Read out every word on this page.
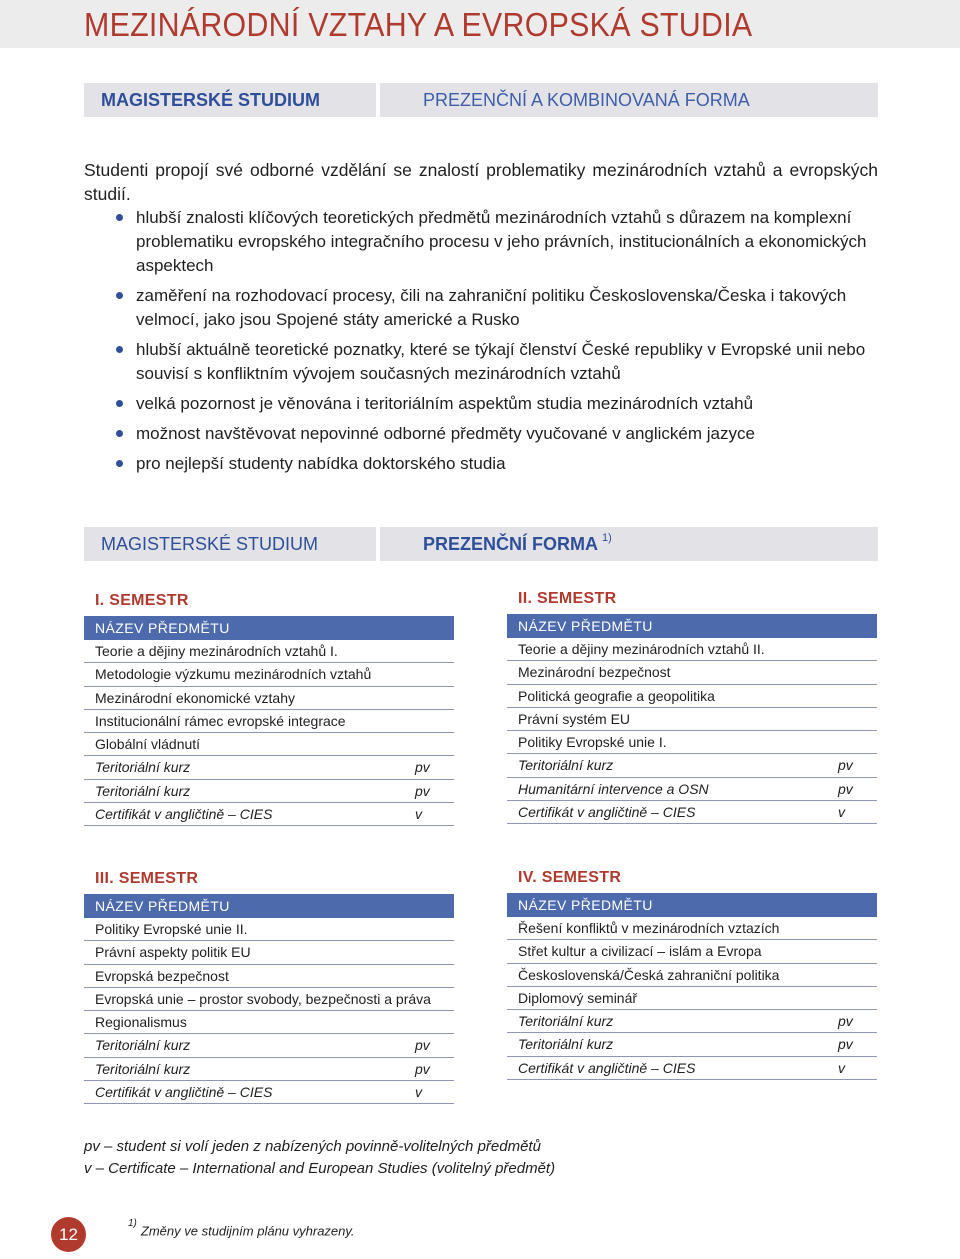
MEZINÁRODNÍ VZTAHY A EVROPSKÁ STUDIA
MAGISTERSKÉ STUDIUM	PREZENČNÍ A KOMBINOVANÁ FORMA

Studenti propojí své odborné vzdělání se znalostí problematiky mezinárodních vztahů a evropských studií.

hlubší znalosti klíčových teoretických předmětů mezinárodních vztahů s důrazem na komplexní problematiku evropského integračního procesu v jeho právních, institucionálních a ekonomických aspektech
zaměření na rozhodovací procesy, čili na zahraniční politiku Československa/Česka i takových velmocí, jako jsou Spojené státy americké a Rusko
hlubší aktuálně teoretické poznatky, které se týkají členství České republiky v Evropské unii nebo souvisí s konfliktním vývojem současných mezinárodních vztahů
velká pozornost je věnována i teritoriálním aspektům studia mezinárodních vztahů
možnost navštěvovat nepovinné odborné předměty vyučované v anglickém jazyce
pro nejlepší studenty nabídka doktorského studia
MAGISTERSKÉ STUDIUM	PREZENČNÍ FORMA $^{1)}$
I. SEMESTR
NÁZEV PŘEDMĚTU
Teorie a dějiny mezinárodních vztahů I.
Metodologie výzkumu mezinárodních vztahů
Mezinárodní ekonomické vztahy
Institucionální rámec evropské integrace
Globální vládnutí
Teritoriální kurz	pv
Teritoriální kurz	pv
Certifikát v angličtině – CIES	v
II. SEMESTR
NÁZEV PŘEDMĚTU
Teorie a dějiny mezinárodních vztahů II.
Mezinárodní bezpečnost
Politická geografie a geopolitika
Právní systém EU
Politiky Evropské unie I.
Teritoriální kurz	pv
Humanitární intervence a OSN	pv
Certifikát v angličtině – CIES	v
III. SEMESTR
NÁZEV PŘEDMĚTU
Politiky Evropské unie II.
Právní aspekty politik EU
Evropská bezpečnost
Evropská unie – prostor svobody, bezpečnosti a práva
Regionalismus
Teritoriální kurz	pv
Teritoriální kurz	pv
Certifikát v angličtině – CIES	v
IV. SEMESTR
NÁZEV PŘEDMĚTU
Řešení konfliktů v mezinárodních vztazích
Střet kultur a civilizací – islám a Evropa
Československá/Česká zahraniční politika
Diplomový seminář
Teritoriální kurz	pv
Teritoriální kurz	pv
Certifikát v angličtině – CIES	v
pv – student si volí jeden z nabízených povinně-volitelných předmětů
v – Certificate – International and European Studies (volitelný předmět)
12
$^{1)}$ Změny ve studijním plánu vyhrazeny.
